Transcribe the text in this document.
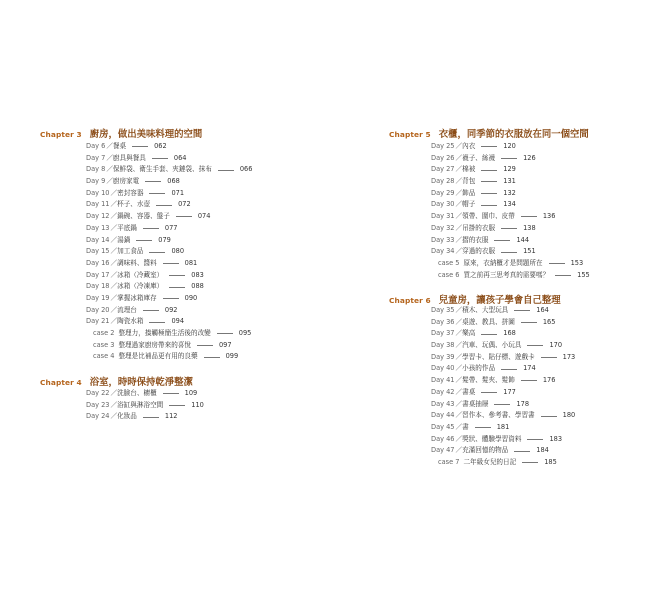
Chapter 3 廚房，做出美味料理的空間
Day 6 ／餐桌	062
Day 7 ／廚具與餐具	064
Day 8 ／保鮮袋、衛生手套、夾鏈袋、抹布	066
Day 9 ／廚房家電	068
Day 10 ／密封容器	071
Day 11 ／杯子、水壺	072
Day 12 ／鍋碗、容器、盤子	074
Day 13 ／平底鍋	077
Day 14 ／湯鍋	079
Day 15 ／加工食品	080
Day 16 ／調味料、醬料	081
Day 17 ／冰箱（冷藏室）	083
Day 18 ／冰箱（冷凍庫）	088
Day 19 ／掌握冰箱庫存	090
Day 20 ／流理台	092
Day 21 ／陶瓷水箱	094
case 2 整理力，揍觸極簡生活後的改變	095
case 3 整理過家廚房帶來的喜悅	097
case 4 整理是比補品更有用的良藥	099
Chapter 4 浴室，時時保持乾淨整潔
Day 22 ／洗臉台、櫥櫃	109
Day 23 ／浴缸與淋浴空間	110
Day 24 ／化妝品	112
Chapter 5 衣櫃，同季節的衣服放在同一個空間
Day 25 ／內衣	120
Day 26 ／襪子、絲襪	126
Day 27 ／棉被	129
Day 28 ／背包	131
Day 29 ／飾品	132
Day 30 ／帽子	134
Day 31 ／領帶、圍巾、皮帶	136
Day 32 ／吊掛的衣服	138
Day 33 ／摺的衣服	144
Day 34 ／穿過的衣服	151
case 5 原來，衣納櫃才是問題所在	153
case 6 買之前再三思考真的需要嗎？	155
Chapter 6 兒童房，讓孩子學會自己整理
Day 35 ／積木、大型玩具	164
Day 36 ／桌遊、教具、拼圖	165
Day 37 ／樂高	168
Day 38 ／汽車、玩偶、小玩具	170
Day 39 ／學習卡、貼仔標、遊戲卡	173
Day 40 ／小孩的作品	174
Day 41 ／髮帶、髮夾、髮飾	176
Day 42 ／書桌	177
Day 43 ／書桌抽屜	178
Day 44 ／習作本、參考書、學習書	180
Day 45 ／書	181
Day 46 ／獎狀、體驗學習資料	183
Day 47 ／充滿回憶的物品	184
case 7 二年級女兒的日記	185
